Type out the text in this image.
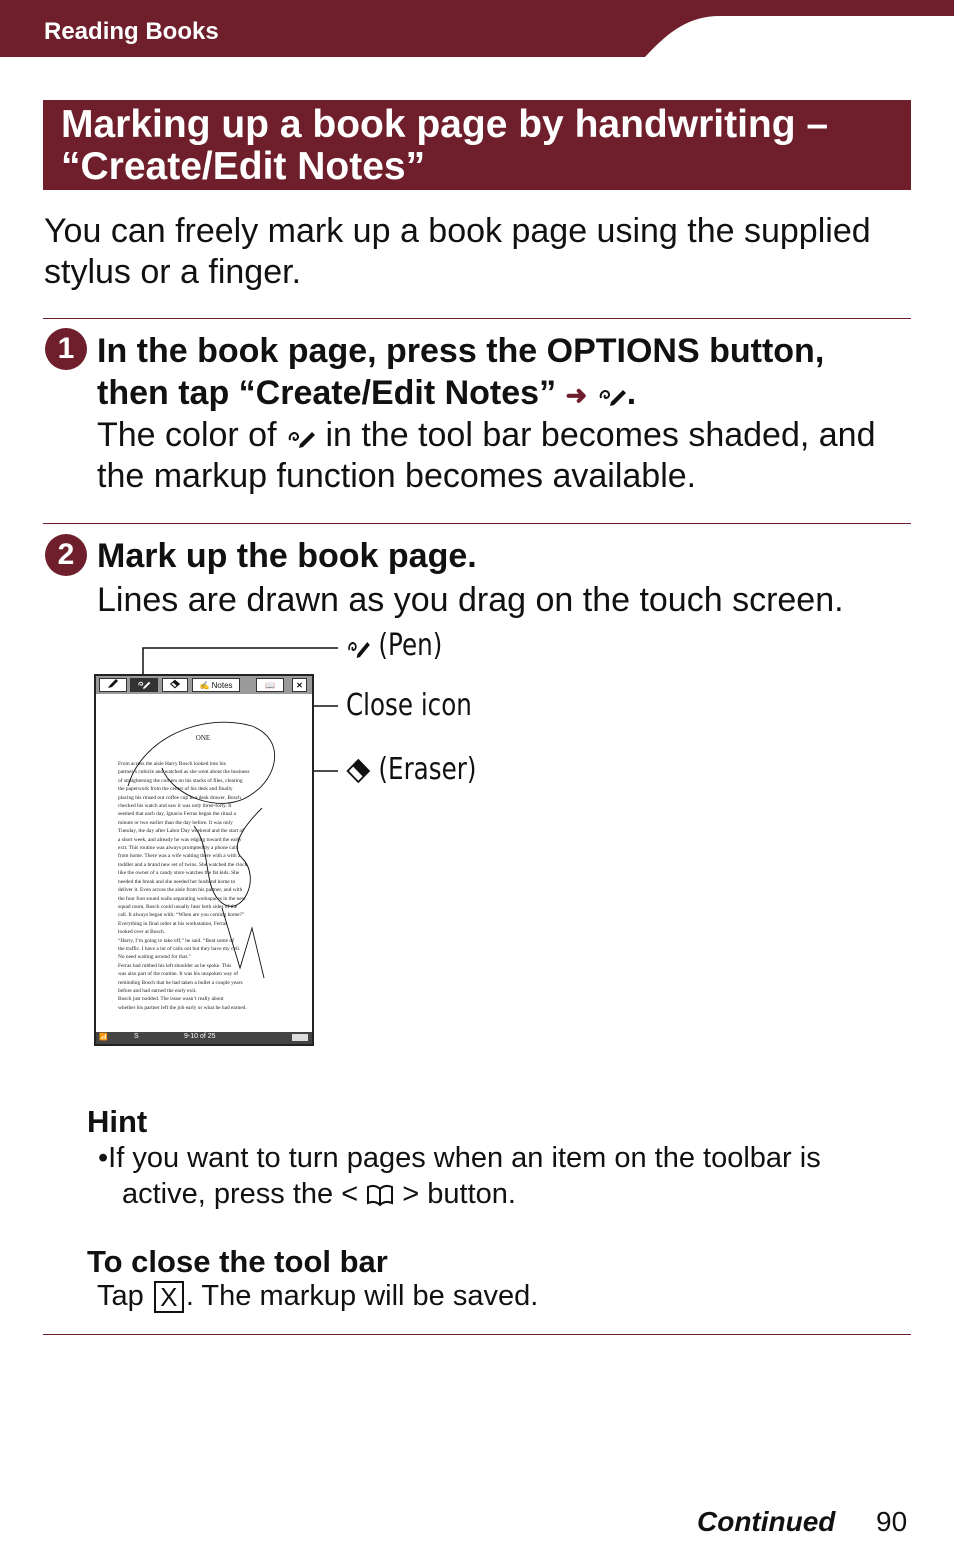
Reading Books
Marking up a book page by handwriting –
“Create/Edit Notes”
You can freely mark up a book page using the supplied
stylus or a finger.
1 In the book page, press the OPTIONS button,
then tap “Create/Edit Notes” ➜ .
The color of in the tool bar becomes shaded, and
the markup function becomes available.
2 Mark up the book page.
Lines are drawn as you drag on the touch screen.
(Pen)
Close icon
(Eraser)
✍ Notes	📖	✕
ONE
From across the aisle Harry Bosch looked into his
partner’s cubicle and watched as she went about the business
of straightening the corners on his stacks of files, clearing
the paperwork from the center of his desk and finally
placing his rinsed out coffee cup in a desk drawer. Bosch
checked his watch and saw it was only three-forty. It
seemed that each day, Ignacio Ferras began the ritual a
minute or two earlier than the day before. It was only
Tuesday, the day after Labor Day weekend and the start of
a short week, and already he was edging toward the early
exit. This routine was always prompted by a phone call
from home. There was a wife waiting there with a with a
toddler and a brand new set of twins. She watched the clock
like the owner of a candy store watches the fat kids. She
needed the break and she needed her husband home to
deliver it. Even across the aisle from his partner, and with
the four foot sound walls separating workspaces in the new
squad room, Bosch could usually hear both sides of the
call. It always began with: “When are you coming home?”
Everything in final order at his workstation, Ferras
looked over at Bosch.
“Harry, I’m going to take off,” he said. “Beat some of
the traffic. I have a lot of calls out but they have my cell.
No need waiting around for that.”
Ferras had rubbed his left shoulder as he spoke. This
was also part of the routine. It was his unspoken way of
reminding Bosch that he had taken a bullet a couple years
before and had earned the early exit.
Bosch just nodded. The issue wasn’t really about
whether his partner left the job early or what he had earned.
📶	S	9-10 of 25
Hint
•If you want to turn pages when an item on the toolbar is
active, press the < > button.
To close the tool bar
Tap X . The markup will be saved.
Continued 90
